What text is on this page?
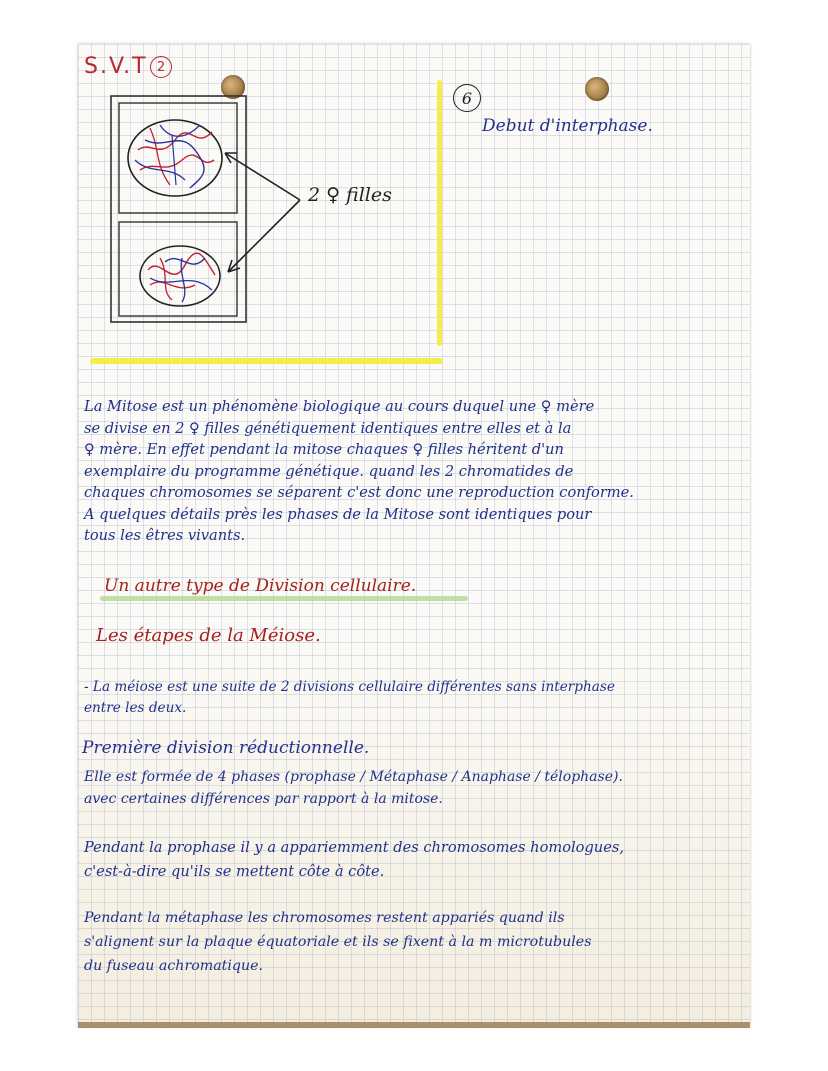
S.V.T 2
2 ♀ filles
6
Debut d'interphase.

La Mitose est un phénomène biologique au cours duquel une ♀ mère

se divise en 2 ♀ filles génétiquement identiques entre elles et à la

♀ mère. En effet pendant la mitose chaques ♀ filles héritent d'un

exemplaire du programme génétique. quand les 2 chromatides de

chaques chromosomes se séparent c'est donc une reproduction conforme.

A quelques détails près les phases de la Mitose sont identiques pour

tous les êtres vivants.

Un autre type de Division cellulaire.
Les étapes de la Méiose.

- La méiose est une suite de 2 divisions cellulaire différentes sans interphase

entre les deux.

Première division réductionnelle.

Elle est formée de 4 phases (prophase / Métaphase / Anaphase / télophase).

avec certaines différences par rapport à la mitose.

Pendant la prophase il y a appariemment des chromosomes homologues,

c'est-à-dire qu'ils se mettent côte à côte.

Pendant la métaphase les chromosomes restent appariés quand ils

s'alignent sur la plaque équatoriale et ils se fixent à la m microtubules

du fuseau achromatique.
